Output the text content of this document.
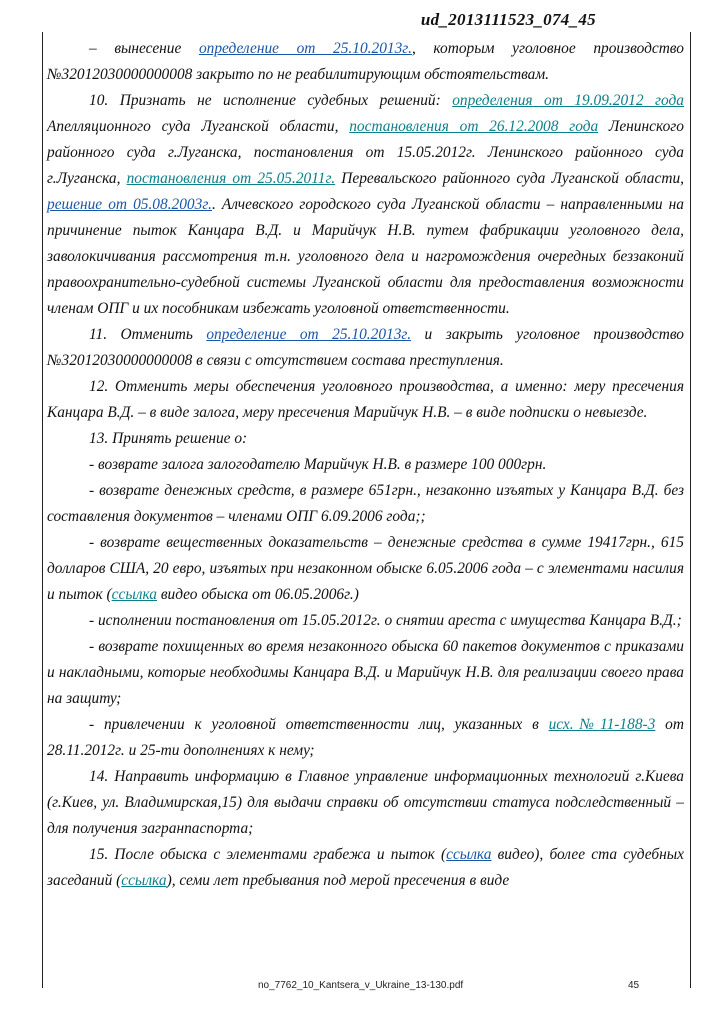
ud_2013111523_074_45

– вынесение определение от 25.10.2013г., которым уголовное производство №32012030000000008 закрыто по не реабилитирующим обстоятельствам.

10. Признать не исполнение судебных решений: определения от 19.09.2012 года Апелляционного суда Луганской области, постановления от 26.12.2008 года Ленинского районного суда г.Луганска, постановления от 15.05.2012г. Ленинского районного суда г.Луганска, постановления от 25.05.2011г. Перевальского районного суда Луганской области, решение от 05.08.2003г.. Алчевского городского суда Луганской области – направленными на причинение пыток Канцара В.Д. и Марийчук Н.В. путем фабрикации уголовного дела, заволокичивания рассмотрения т.н. уголовного дела и нагромождения очередных беззаконий правоохранительно-судебной системы Луганской области для предоставления возможности членам ОПГ и их пособникам избежать уголовной ответственности.

11. Отменить определение от 25.10.2013г. и закрыть уголовное производство №32012030000000008 в связи с отсутствием состава преступления.

12. Отменить меры обеспечения уголовного производства, а именно: меру пресечения Канцара В.Д. – в виде залога, меру пресечения Марийчук Н.В. – в виде подписки о невыезде.

13. Принять решение о:

- возврате залога залогодателю Марийчук Н.В. в размере 100 000грн.

- возврате денежных средств, в размере 651грн., незаконно изъятых у Канцара В.Д. без составления документов – членами ОПГ 6.09.2006 года;;

- возврате вещественных доказательств – денежные средства в сумме 19417грн., 615 долларов США, 20 евро, изъятых при незаконном обыске 6.05.2006 года – с элементами насилия и пыток (ссылка видео обыска от 06.05.2006г.)

- исполнении постановления от 15.05.2012г. о снятии ареста с имущества Канцара В.Д.;

- возврате похищенных во время незаконного обыска 60 пакетов документов с приказами и накладными, которые необходимы Канцара В.Д. и Марийчук Н.В. для реализации своего права на защиту;

- привлечении к уголовной ответственности лиц, указанных в исх.№11-188-3 от 28.11.2012г. и 25-ти дополнениях к нему;

14. Направить информацию в Главное управление информационных технологий г.Киева (г.Киев, ул. Владимирская,15) для выдачи справки об отсутствии статуса подследственный – для получения загранпаспорта;

15. После обыска с элементами грабежа и пыток (ссылка видео), более ста судебных заседаний (ссылка), семи лет пребывания под мерой пресечения в виде

no_7762_10_Kantsera_v_Ukraine_13-130.pdf	45
